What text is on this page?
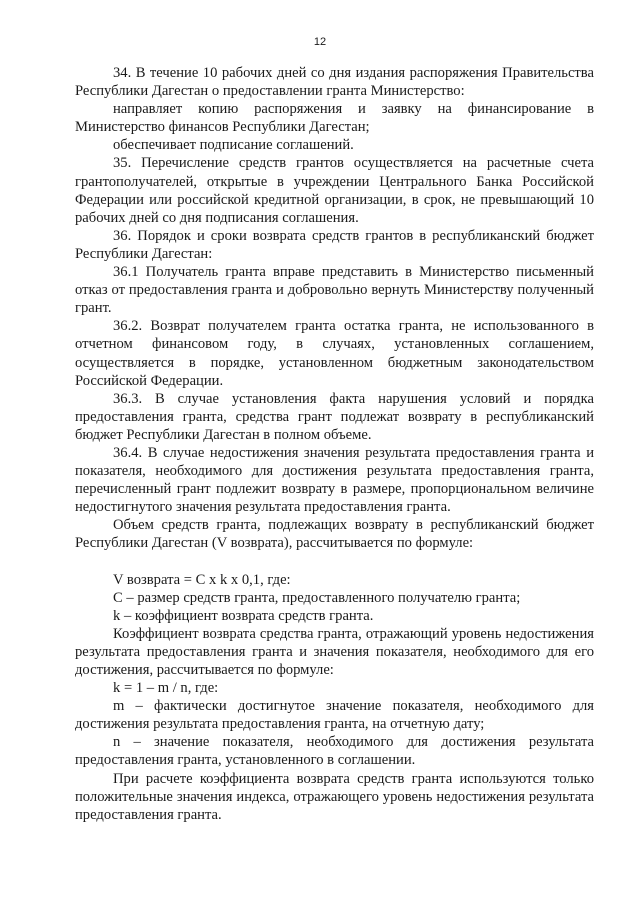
12

34. В течение 10 рабочих дней со дня издания распоряжения Правительства Республики Дагестан о предоставлении гранта Министерство:

направляет копию распоряжения и заявку на финансирование в Министерство финансов Республики Дагестан;

обеспечивает подписание соглашений.

35. Перечисление средств грантов осуществляется на расчетные счета грантополучателей, открытые в учреждении Центрального Банка Российской Федерации или российской кредитной организации, в срок, не превышающий 10 рабочих дней со дня подписания соглашения.

36. Порядок и сроки возврата средств грантов в республиканский бюджет Республики Дагестан:

36.1 Получатель гранта вправе представить в Министерство письменный отказ от предоставления гранта и добровольно вернуть Министерству полученный грант.

36.2. Возврат получателем гранта остатка гранта, не использованного в отчетном финансовом году, в случаях, установленных соглашением, осуществляется в порядке, установленном бюджетным законодательством Российской Федерации.

36.3. В случае установления факта нарушения условий и порядка предоставления гранта, средства грант подлежат возврату в республиканский бюджет Республики Дагестан в полном объеме.

36.4. В случае недостижения значения результата предоставления гранта и показателя, необходимого для достижения результата предоставления гранта, перечисленный грант подлежит возврату в размере, пропорциональном величине недостигнутого значения результата предоставления гранта.

Объем средств гранта, подлежащих возврату в республиканский бюджет Республики Дагестан (V возврата), рассчитывается по формуле:

V возврата = C x k x 0,1, где:

С – размер средств гранта, предоставленного получателю гранта;

k – коэффициент возврата средств гранта.

Коэффициент возврата средства гранта, отражающий уровень недостижения результата предоставления гранта и значения показателя, необходимого для его достижения, рассчитывается по формуле:

k = 1 – m / n, где:

m – фактически достигнутое значение показателя, необходимого для достижения результата предоставления гранта, на отчетную дату;

n – значение показателя, необходимого для достижения результата предоставления гранта, установленного в соглашении.

При расчете коэффициента возврата средств гранта используются только положительные значения индекса, отражающего уровень недостижения результата предоставления гранта.
